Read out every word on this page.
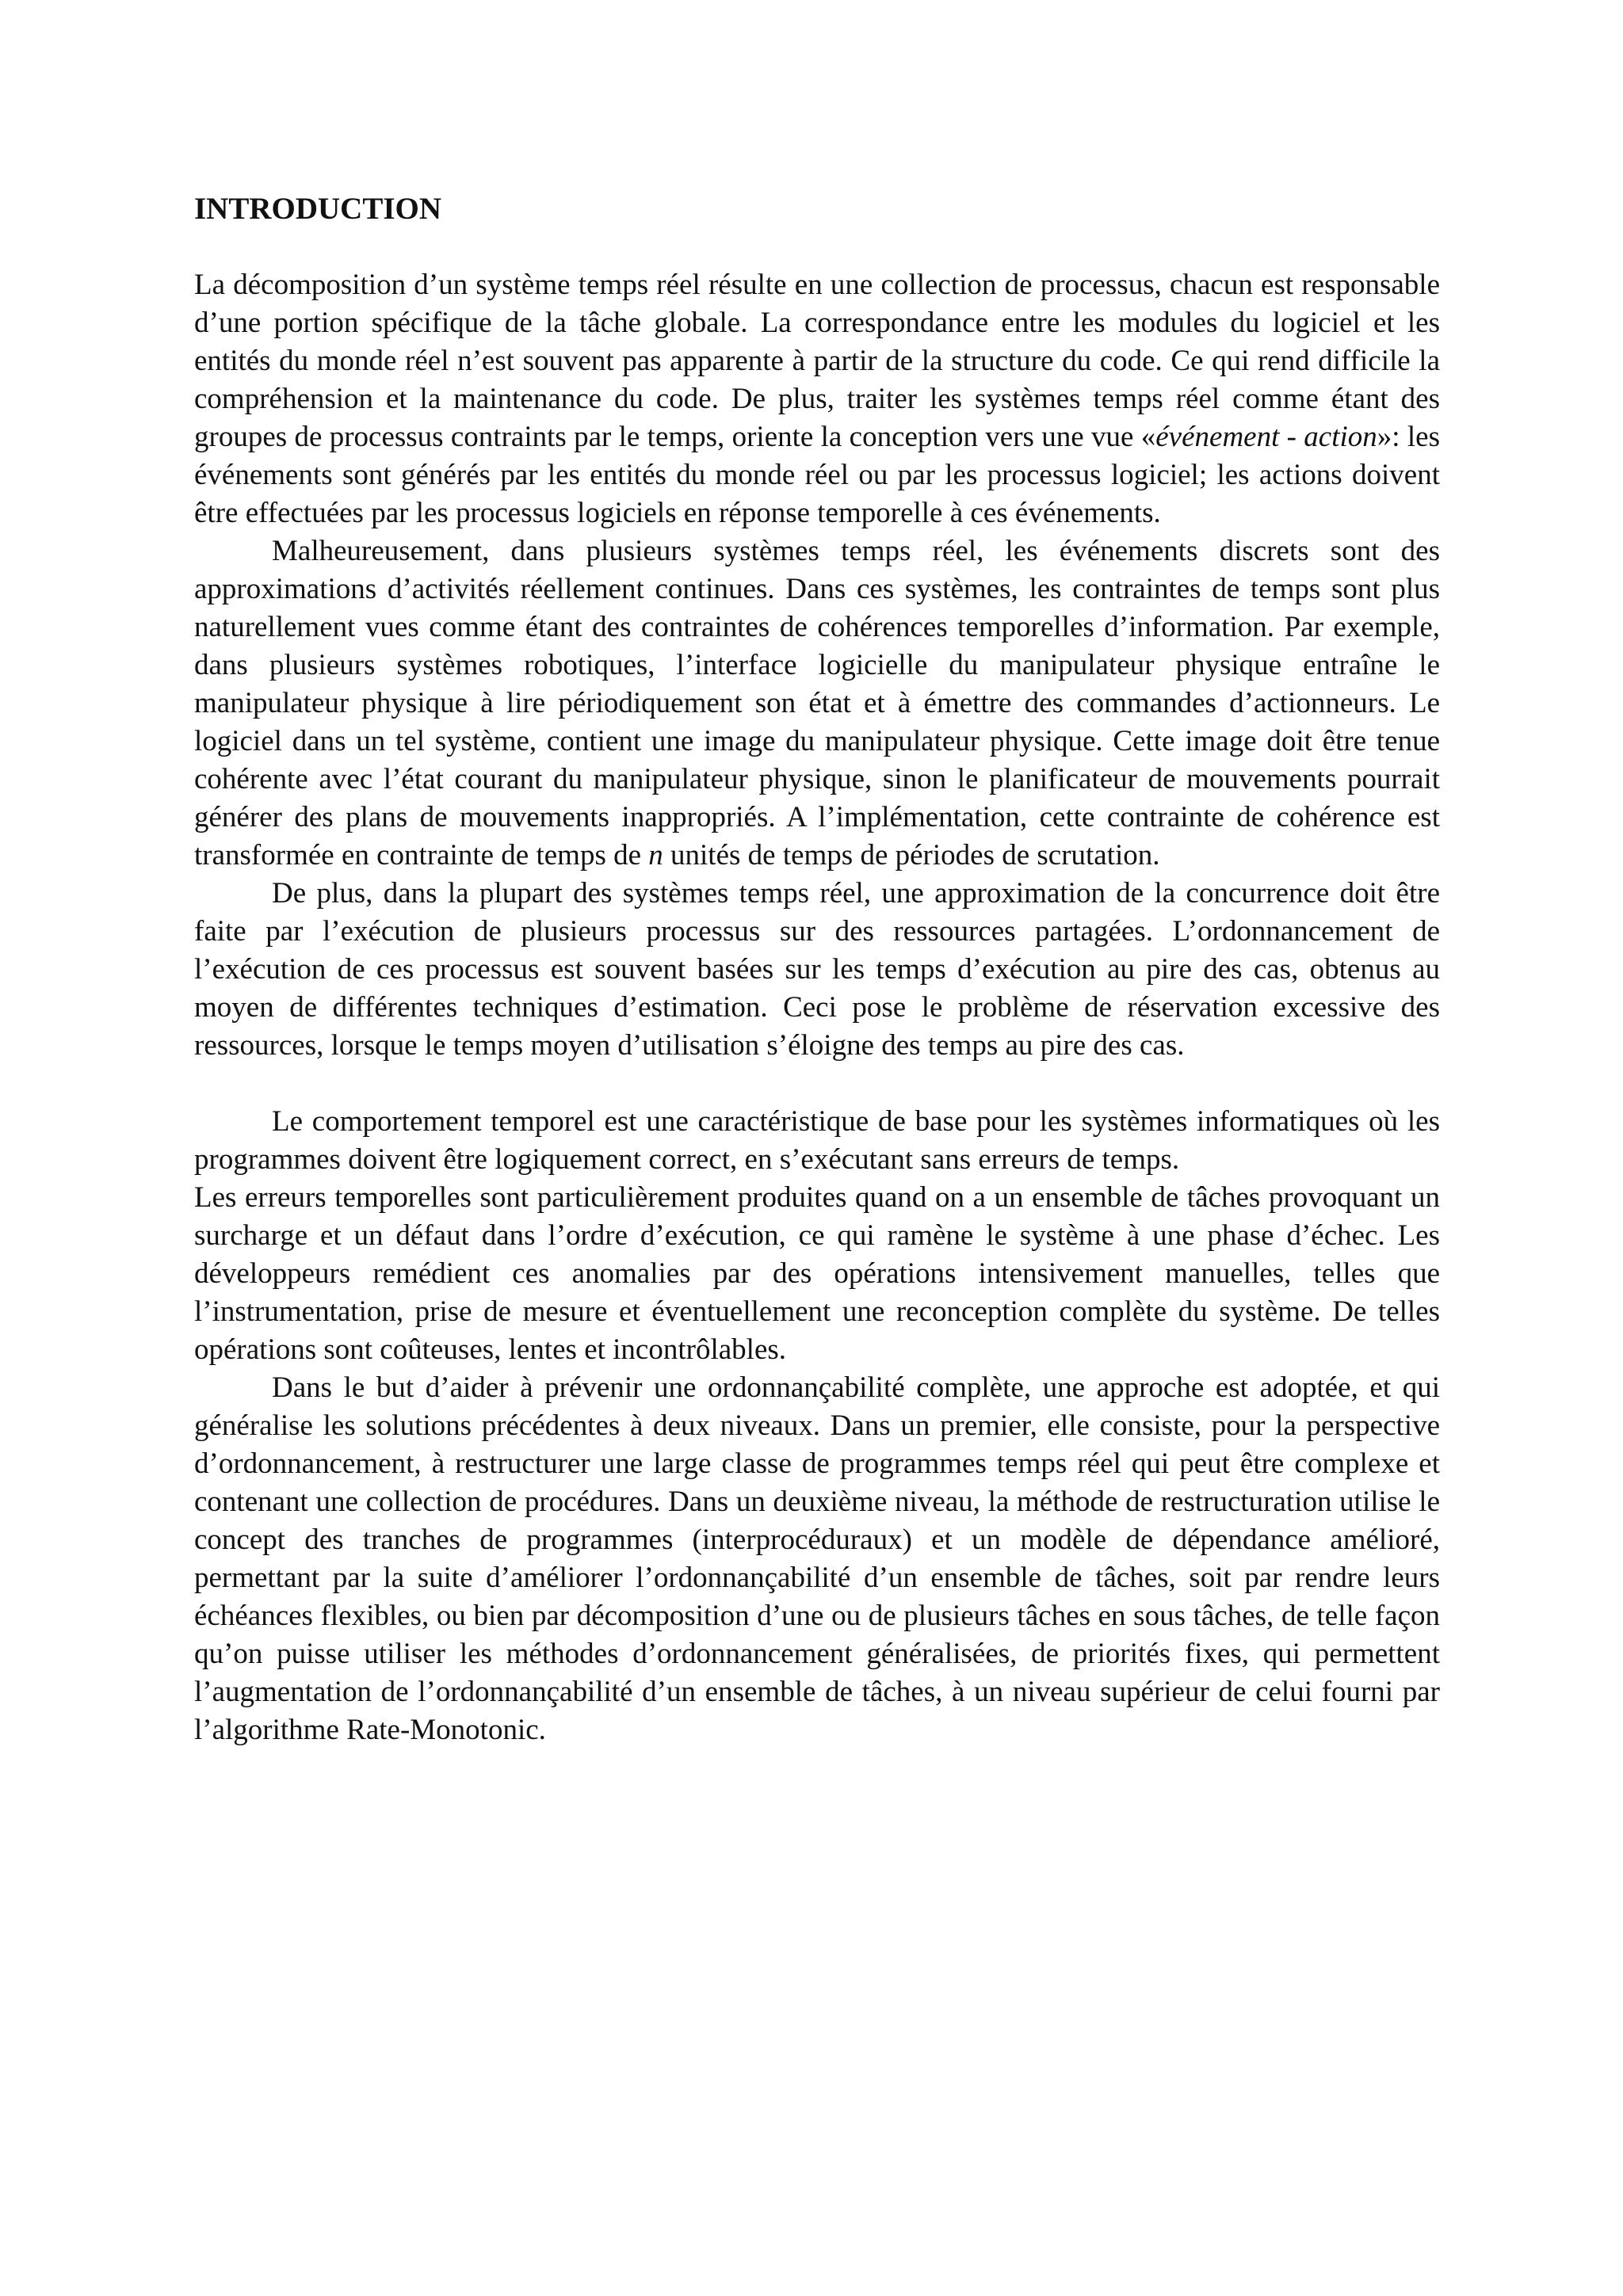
INTRODUCTION

La décomposition d’un système temps réel résulte en une collection de processus, chacun est responsable d’une portion spécifique de la tâche globale. La correspondance entre les modules du logiciel et les entités du monde réel n’est souvent pas apparente à partir de la structure du code. Ce qui rend difficile la compréhension et la maintenance du code. De plus, traiter les systèmes temps réel comme étant des groupes de processus contraints par le temps, oriente la conception vers une vue «événement - action»: les événements sont générés par les entités du monde réel ou par les processus logiciel; les actions doivent être effectuées par les processus logiciels en réponse temporelle à ces événements.

Malheureusement, dans plusieurs systèmes temps réel, les événements discrets sont des approximations d’activités réellement continues. Dans ces systèmes, les contraintes de temps sont plus naturellement vues comme étant des contraintes de cohérences temporelles d’information. Par exemple, dans plusieurs systèmes robotiques, l’interface logicielle du manipulateur physique entraîne le manipulateur physique à lire périodiquement son état et à émettre des commandes d’actionneurs. Le logiciel dans un tel système, contient une image du manipulateur physique. Cette image doit être tenue cohérente avec l’état courant du manipulateur physique, sinon le planificateur de mouvements pourrait générer des plans de mouvements inappropriés. A l’implémentation, cette contrainte de cohérence est transformée en contrainte de temps de n unités de temps de périodes de scrutation.

De plus, dans la plupart des systèmes temps réel, une approximation de la concurrence doit être faite par l’exécution de plusieurs processus sur des ressources partagées. L’ordonnancement de l’exécution de ces processus est souvent basées sur les temps d’exécution au pire des cas, obtenus au moyen de différentes techniques d’estimation. Ceci pose le problème de réservation excessive des ressources, lorsque le temps moyen d’utilisation s’éloigne des temps au pire des cas.

Le comportement temporel est une caractéristique de base pour les systèmes informatiques où les programmes doivent être logiquement correct, en s’exécutant sans erreurs de temps.

Les erreurs temporelles sont particulièrement produites quand on a un ensemble de tâches provoquant un surcharge et un défaut dans l’ordre d’exécution, ce qui ramène le système à une phase d’échec. Les développeurs remédient ces anomalies par des opérations intensivement manuelles, telles que l’instrumentation, prise de mesure et éventuellement une reconception complète du système. De telles opérations sont coûteuses, lentes et incontrôlables.

Dans le but d’aider à prévenir une ordonnançabilité complète, une approche est adoptée, et qui généralise les solutions précédentes à deux niveaux. Dans un premier, elle consiste, pour la perspective d’ordonnancement, à restructurer une large classe de programmes temps réel qui peut être complexe et contenant une collection de procédures. Dans un deuxième niveau, la méthode de restructuration utilise le concept des tranches de programmes (interprocéduraux) et un modèle de dépendance amélioré, permettant par la suite d’améliorer l’ordonnançabilité d’un ensemble de tâches, soit par rendre leurs échéances flexibles, ou bien par décomposition d’une ou de plusieurs tâches en sous tâches, de telle façon qu’on puisse utiliser les méthodes d’ordonnancement généralisées, de priorités fixes, qui permettent l’augmentation de l’ordonnançabilité d’un ensemble de tâches, à un niveau supérieur de celui fourni par l’algorithme Rate-Monotonic.
